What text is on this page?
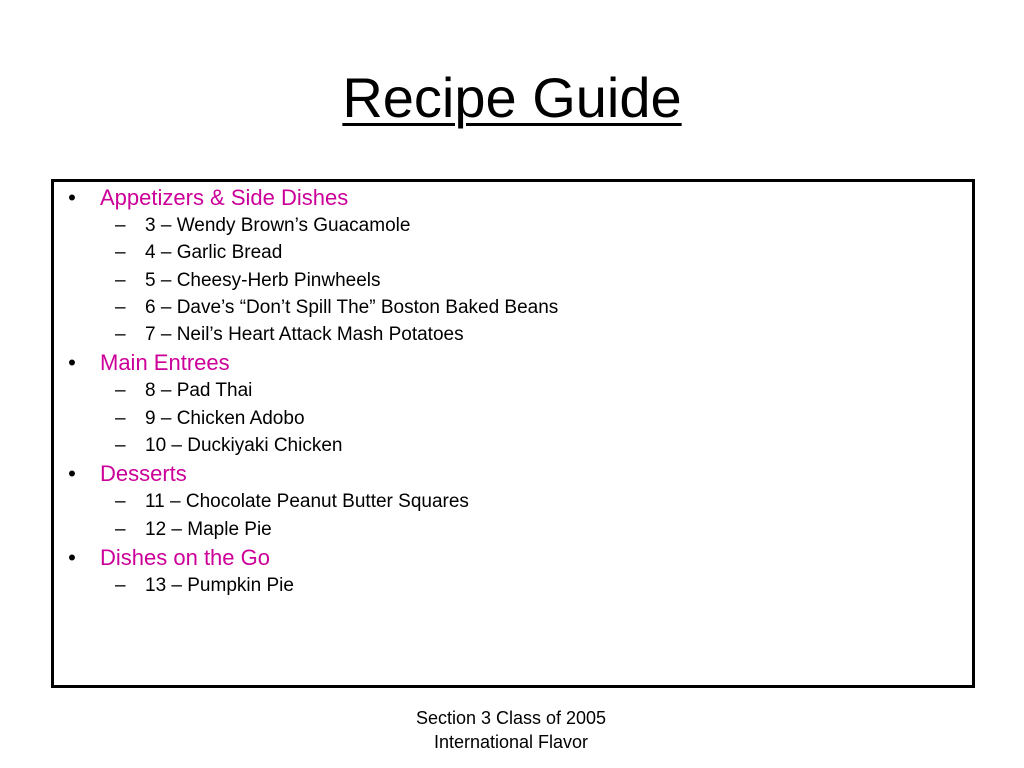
Recipe Guide
• Appetizers & Side Dishes
– 3 – Wendy Brown’s Guacamole
– 4 – Garlic Bread
– 5 – Cheesy-Herb Pinwheels
– 6 – Dave’s “Don’t Spill The” Boston Baked Beans
– 7 – Neil’s Heart Attack Mash Potatoes
• Main Entrees
– 8 – Pad Thai
– 9 – Chicken Adobo
– 10 – Duckiyaki Chicken
• Desserts
– 11 – Chocolate Peanut Butter Squares
– 12 – Maple Pie
• Dishes on the Go
– 13 – Pumpkin Pie
Section 3 Class of 2005
International Flavor
